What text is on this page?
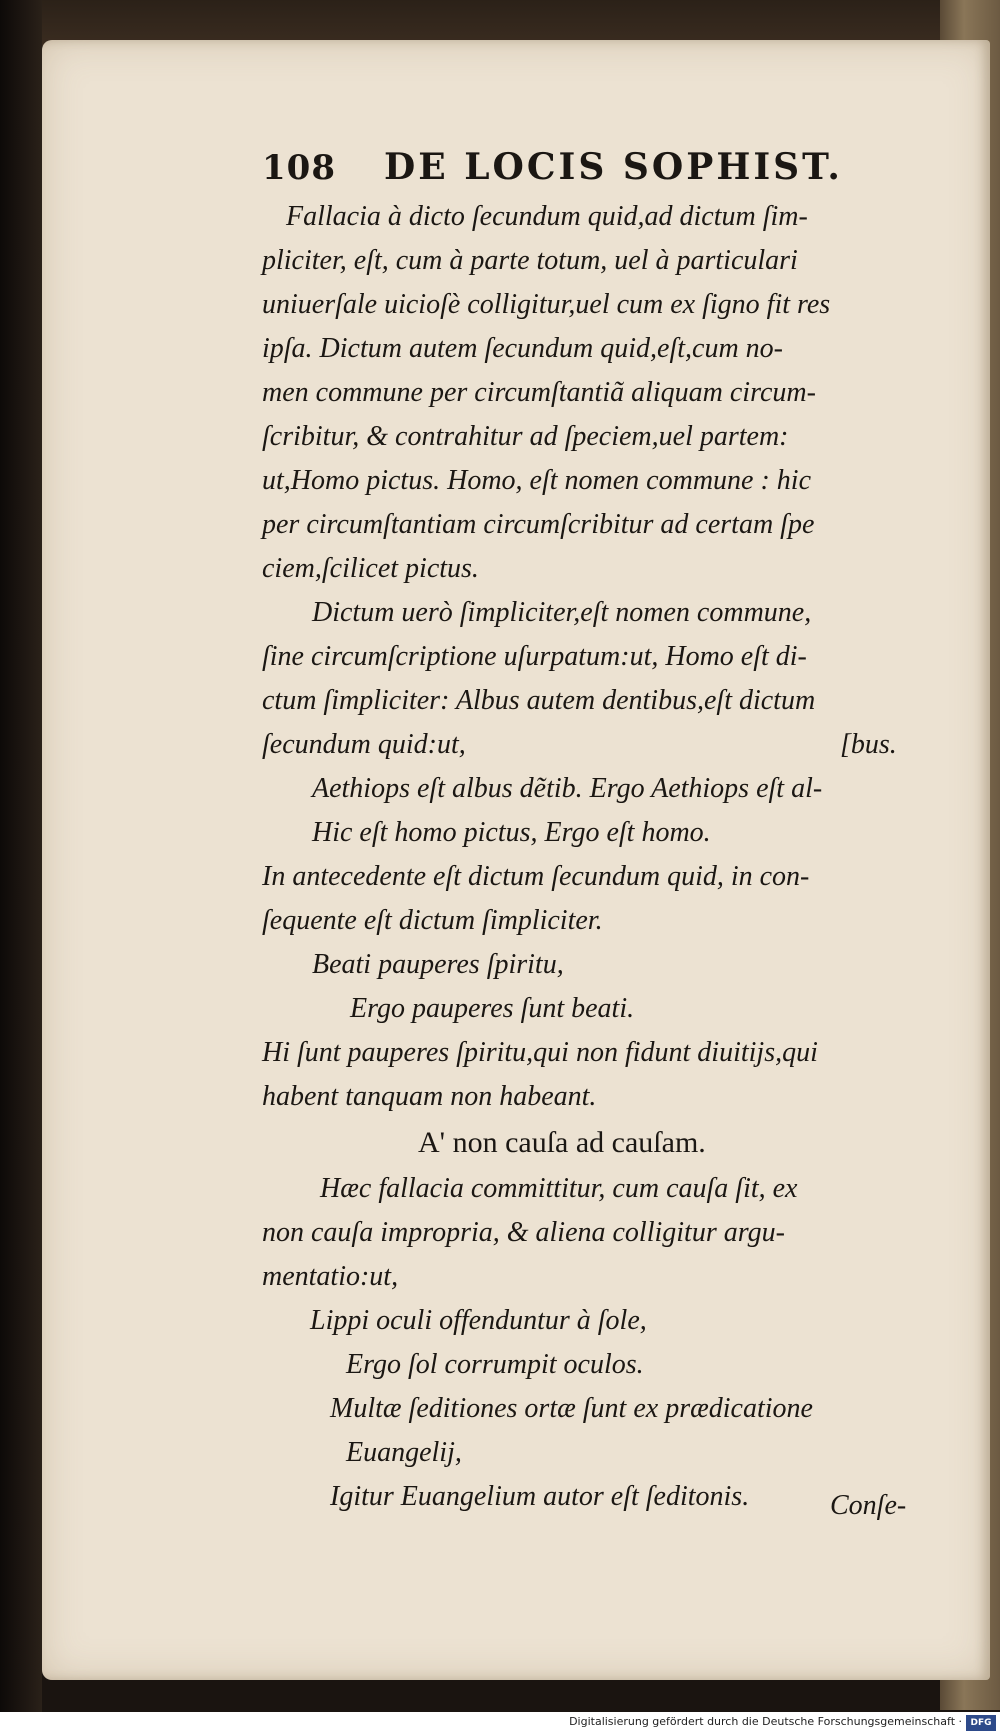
108 DE LOCIS SOPHIST.
Fallacia à dicto ſecundum quid,ad dictum ſim-
pliciter, eſt, cum à parte totum, uel à particulari
uniuerſale uicioſè colligitur,uel cum ex ſigno fit res
ipſa. Dictum autem ſecundum quid,eſt,cum no-
men commune per circumſtantiã aliquam circum-
ſcribitur, & contrahitur ad ſpeciem,uel partem:
ut,Homo pictus. Homo, eſt nomen commune : hic
per circumſtantiam circumſcribitur ad certam ſpe
ciem,ſcilicet pictus.
Dictum uerò ſimpliciter,eſt nomen commune,
ſine circumſcriptione uſurpatum:ut, Homo eſt di-
ctum ſimpliciter: Albus autem dentibus,eſt dictum
ſecundum quid:ut,	[bus.
Aethiops eſt albus dẽtib. Ergo Aethiops eſt al-
Hic eſt homo pictus, Ergo eſt homo.
In antecedente eſt dictum ſecundum quid, in con-
ſequente eſt dictum ſimpliciter.
Beati pauperes ſpiritu,
Ergo pauperes ſunt beati.
Hi ſunt pauperes ſpiritu,qui non fidunt diuitijs,qui
habent tanquam non habeant.
A' non cauſa ad cauſam.
Hæc fallacia committitur, cum cauſa ſit, ex
non cauſa impropria, & aliena colligitur argu-
mentatio:ut,
Lippi oculi offenduntur à ſole,
Ergo ſol corrumpit oculos.
Multæ ſeditiones ortæ ſunt ex prædicatione
Euangelij,
Igitur Euangelium autor eſt ſeditonis.	Conſe-
Digitalisierung gefördert durch die Deutsche Forschungsgemeinschaft · DFG
